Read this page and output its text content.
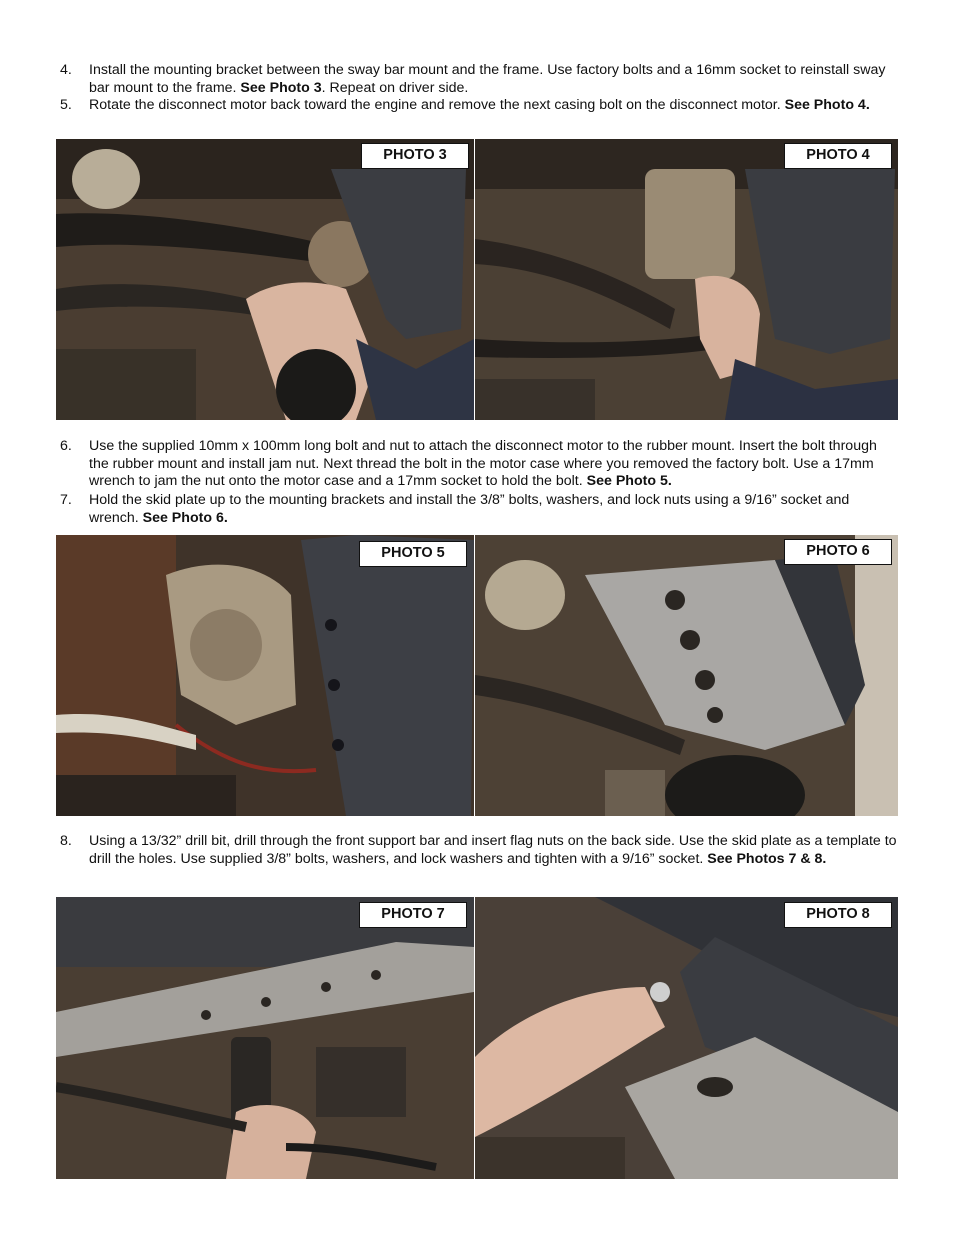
4.	Install the mounting bracket between the sway bar mount and the frame. Use factory bolts and a 16mm socket to reinstall sway bar mount to the frame. See Photo 3. Repeat on driver side.
5.	Rotate the disconnect motor back toward the engine and remove the next casing bolt on the disconnect motor. See Photo 4.
PHOTO 3	PHOTO 4
6.	Use the supplied 10mm x 100mm long bolt and nut to attach the disconnect motor to the rubber mount. Insert the bolt through the rubber mount and install jam nut. Next thread the bolt in the motor case where you removed the factory bolt. Use a 17mm wrench to jam the nut onto the motor case and a 17mm socket to hold the bolt. See Photo 5.
7.	Hold the skid plate up to the mounting brackets and install the 3/8” bolts, washers, and lock nuts using a 9/16” socket and wrench. See Photo 6.
PHOTO 5	PHOTO 6
8.	Using a 13/32” drill bit, drill through the front support bar and insert flag nuts on the back side. Use the skid plate as a template to drill the holes. Use supplied 3/8” bolts, washers, and lock washers and tighten with a 9/16” socket. See Photos 7 & 8.
PHOTO 7	PHOTO 8
